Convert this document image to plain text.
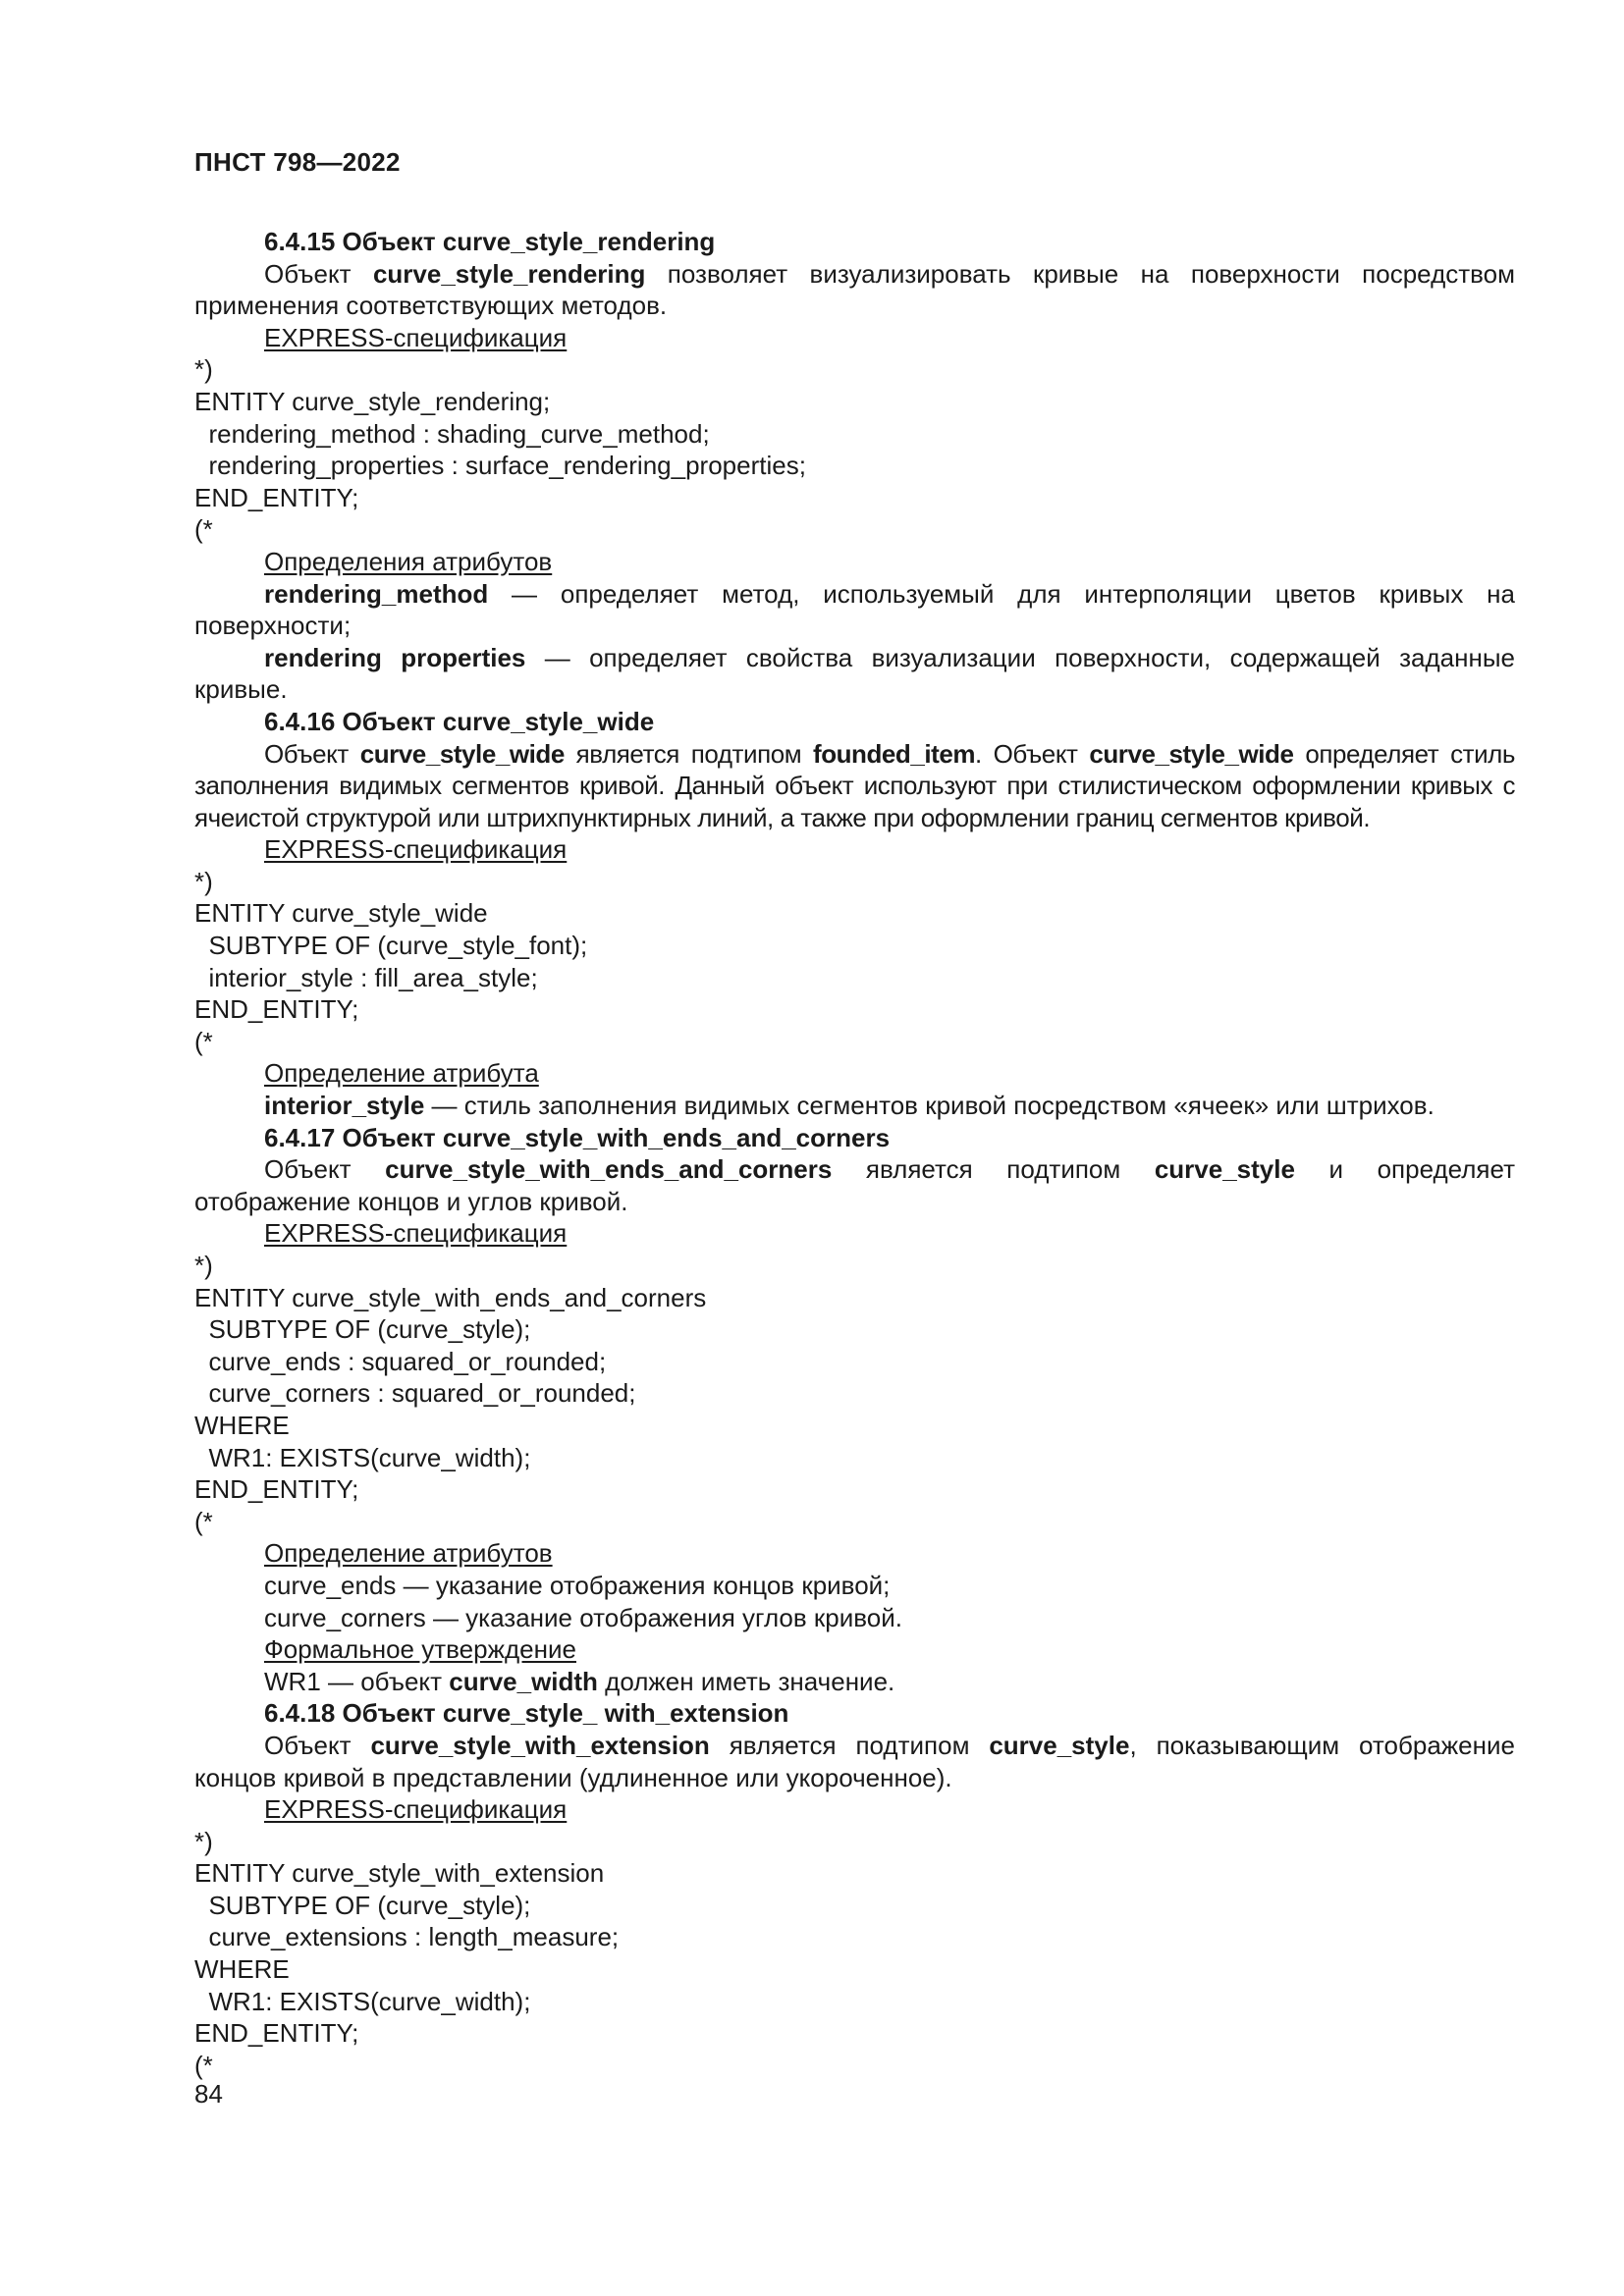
ПНСТ 798—2022

6.4.15 Объект curve_style_rendering

Объект curve_style_rendering позволяет визуализировать кривые на поверхности посредством применения соответствующих методов.

EXPRESS-спецификация

*)

ENTITY curve_style_rendering;

rendering_method : shading_curve_method;

rendering_properties : surface_rendering_properties;

END_ENTITY;

(*

Определения атрибутов

rendering_method — определяет метод, используемый для интерполяции цветов кривых на поверхности;

rendering properties — определяет свойства визуализации поверхности, содержащей заданные кривые.

6.4.16 Объект curve_style_wide

Объект curve_style_wide является подтипом founded_item. Объект curve_style_wide определяет стиль заполнения видимых сегментов кривой. Данный объект используют при стилистическом оформлении кривых с ячеистой структурой или штрихпунктирных линий, а также при оформлении границ сегментов кривой.

EXPRESS-спецификация

*)

ENTITY curve_style_wide

SUBTYPE OF (curve_style_font);

interior_style : fill_area_style;

END_ENTITY;

(*

Определение атрибута

interior_style — стиль заполнения видимых сегментов кривой посредством «ячеек» или штрихов.

6.4.17 Объект curve_style_with_ends_and_corners

Объект curve_style_with_ends_and_corners является подтипом curve_style и определяет отображение концов и углов кривой.

EXPRESS-спецификация

*)

ENTITY curve_style_with_ends_and_corners

SUBTYPE OF (curve_style);

curve_ends : squared_or_rounded;

curve_corners : squared_or_rounded;

WHERE

WR1: EXISTS(curve_width);

END_ENTITY;

(*

Определение атрибутов

curve_ends — указание отображения концов кривой;

curve_corners — указание отображения углов кривой.

Формальное утверждение

WR1 — объект curve_width должен иметь значение.

6.4.18 Объект curve_style_ with_extension

Объект curve_style_with_extension является подтипом curve_style, показывающим отображение концов кривой в представлении (удлиненное или укороченное).

EXPRESS-спецификация

*)

ENTITY curve_style_with_extension

SUBTYPE OF (curve_style);

curve_extensions : length_measure;

WHERE

WR1: EXISTS(curve_width);

END_ENTITY;

(*

84
